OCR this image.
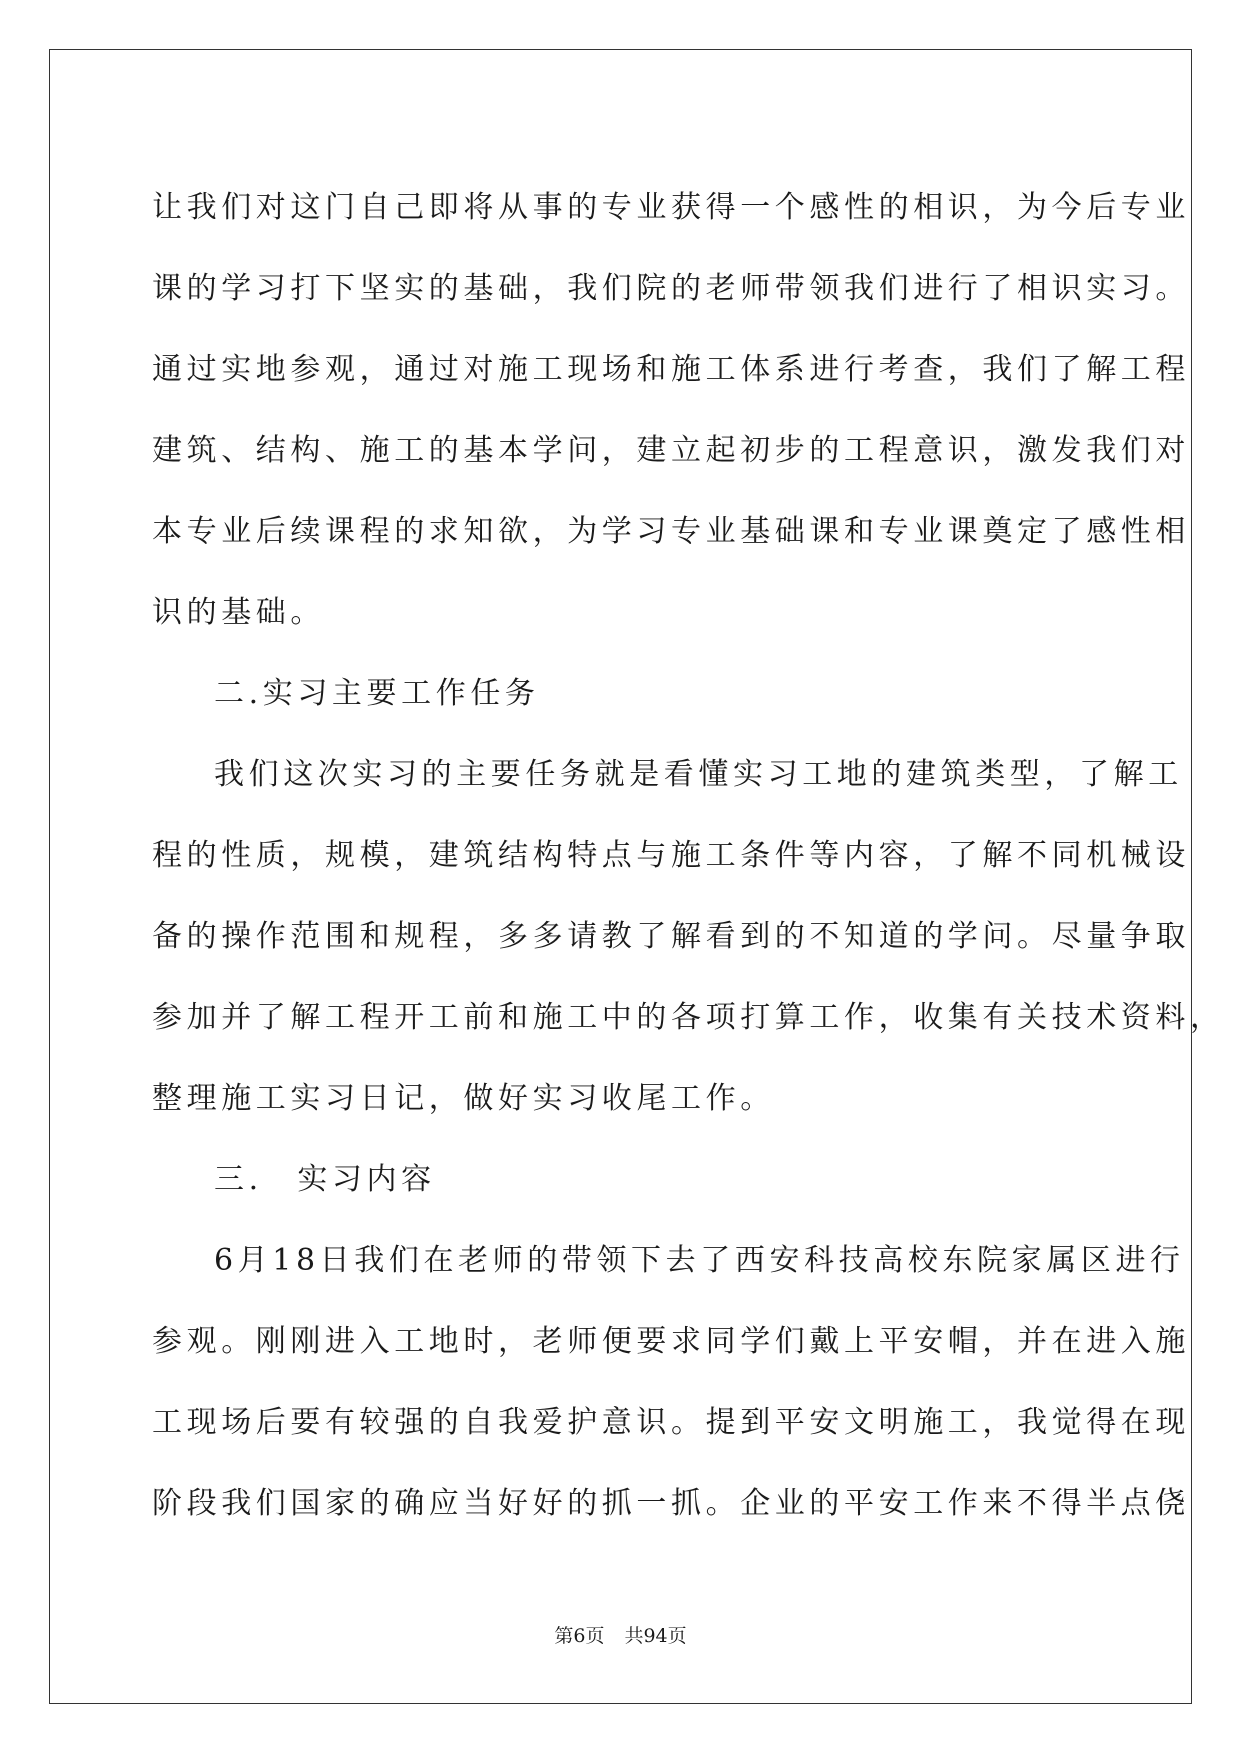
让我们对这门自己即将从事的专业获得一个感性的相识，为今后专业
课的学习打下坚实的基础，我们院的老师带领我们进行了相识实习。
通过实地参观，通过对施工现场和施工体系进行考查，我们了解工程
建筑、结构、施工的基本学问，建立起初步的工程意识，激发我们对
本专业后续课程的求知欲，为学习专业基础课和专业课奠定了感性相
识的基础。
二.实习主要工作任务
我们这次实习的主要任务就是看懂实习工地的建筑类型，了解工
程的性质，规模，建筑结构特点与施工条件等内容，了解不同机械设
备的操作范围和规程，多多请教了解看到的不知道的学问。尽量争取
参加并了解工程开工前和施工中的各项打算工作，收集有关技术资料，
整理施工实习日记，做好实习收尾工作。
三.　实习内容
6月18日我们在老师的带领下去了西安科技高校东院家属区进行
参观。刚刚进入工地时，老师便要求同学们戴上平安帽，并在进入施
工现场后要有较强的自我爱护意识。提到平安文明施工，我觉得在现
阶段我们国家的确应当好好的抓一抓。企业的平安工作来不得半点侥
第6页 共94页
